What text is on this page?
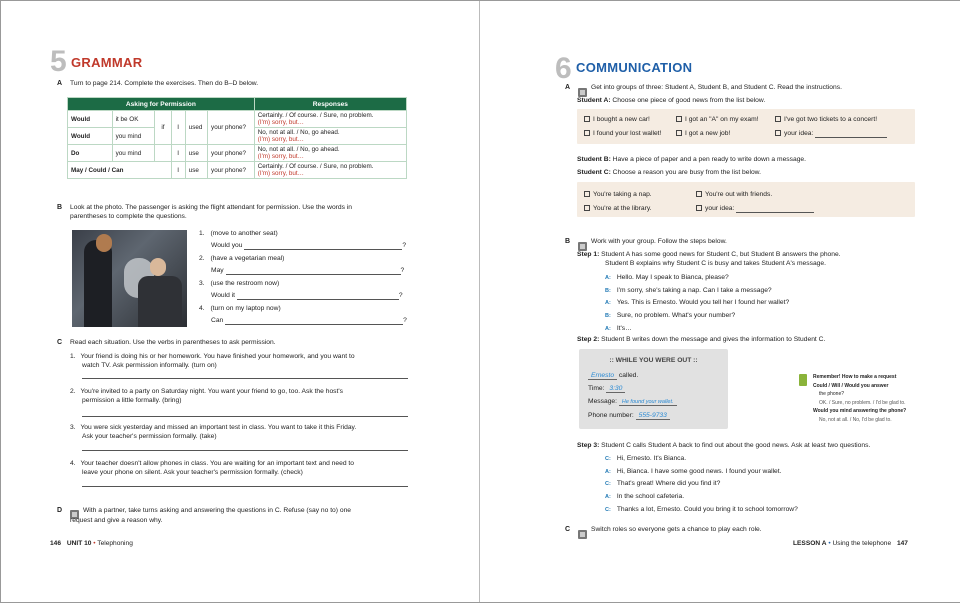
5 GRAMMAR
A Turn to page 214. Complete the exercises. Then do B–D below.
Asking for Permission						Responses
Would	it be OK	if	I	used	your phone?	Certainly. / Of course. / Sure, no problem.
(I'm) sorry, but…

Would	you mind					No, not at all. / No, go ahead.
(I'm) sorry, but…

Do	you mind		I	use	your phone?	No, not at all. / No, go ahead.
(I'm) sorry, but…

May / Could / Can			I	use	your phone?	Certainly. / Of course. / Sure, no problem.
(I'm) sorry, but…
B Look at the photo. The passenger is asking the flight attendant for permission. Use the words in
parentheses to complete the questions.
1. (move to another seat)
Would you	?
2. (have a vegetarian meal)
May	?
3. (use the restroom now)
Would it	?
4. (turn on my laptop now)
Can	?
C Read each situation. Use the verbs in parentheses to ask permission.
1. Your friend is doing his or her homework. You have finished your homework, and you want to
watch TV. Ask permission informally. (turn on)
2. You're invited to a party on Saturday night. You want your friend to go, too. Ask the host's
permission a little formally. (bring)
3. You were sick yesterday and missed an important test in class. You want to take it this Friday.
Ask your teacher's permission formally. (take)
4. Your teacher doesn't allow phones in class. You are waiting for an important text and need to
leave your phone on silent. Ask your teacher's permission formally. (check)
D	With a partner, take turns asking and answering the questions in C. Refuse (say no to) one
request and give a reason why.
146 UNIT 10 • Telephoning
6 COMMUNICATION
A	Get into groups of three: Student A, Student B, and Student C. Read the instructions.
Student A: Choose one piece of good news from the list below.
I bought a new car!	I got an "A" on my exam!	I've got two tickets to a concert!
I found your lost wallet!	I got a new job!	your idea:
Student B: Have a piece of paper and a pen ready to write down a message.
Student C: Choose a reason you are busy from the list below.
You're taking a nap.	You're out with friends.
You're at the library.	your idea:
B	Work with your group. Follow the steps below.
Step 1: Student A has some good news for Student C, but Student B answers the phone.
Student B explains why Student C is busy and takes Student A's message.
A: Hello. May I speak to Bianca, please?
B: I'm sorry, she's taking a nap. Can I take a message?
A: Yes. This is Ernesto. Would you tell her I found her wallet?
B: Sure, no problem. What's your number?
A: It's…
Step 2: Student B writes down the message and gives the information to Student C.
:: WHILE YOU WERE OUT ::
Ernesto called.
Time: 3:30
Message: He found your wallet.
Phone number: 555-9733
Remember! How to make a request
Could / Will / Would you answer
the phone?
OK. / Sure, no problem. / I'd be glad to.
Would you mind answering the phone?
No, not at all. / No, I'd be glad to.
Step 3: Student C calls Student A back to find out about the good news. Ask at least two questions.
C: Hi, Ernesto. It's Bianca.
A: Hi, Bianca. I have some good news. I found your wallet.
C: That's great! Where did you find it?
A: In the school cafeteria.
C: Thanks a lot, Ernesto. Could you bring it to school tomorrow?
C	Switch roles so everyone gets a chance to play each role.
LESSON A • Using the telephone 147
